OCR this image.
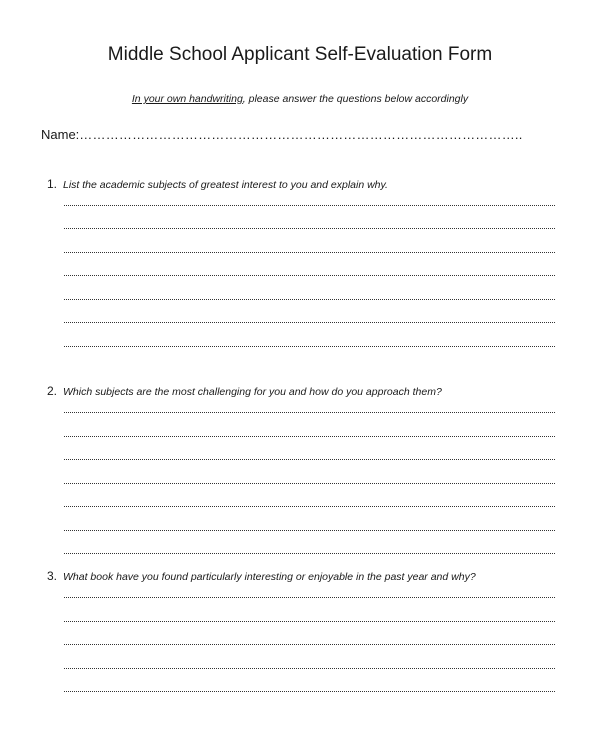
Middle School Applicant Self-Evaluation Form
In your own handwriting, please answer the questions below accordingly
Name:………………………………………………………………………………………..
1. List the academic subjects of greatest interest to you and explain why.
2. Which subjects are the most challenging for you and how do you approach them?
3. What book have you found particularly interesting or enjoyable in the past year and why?
